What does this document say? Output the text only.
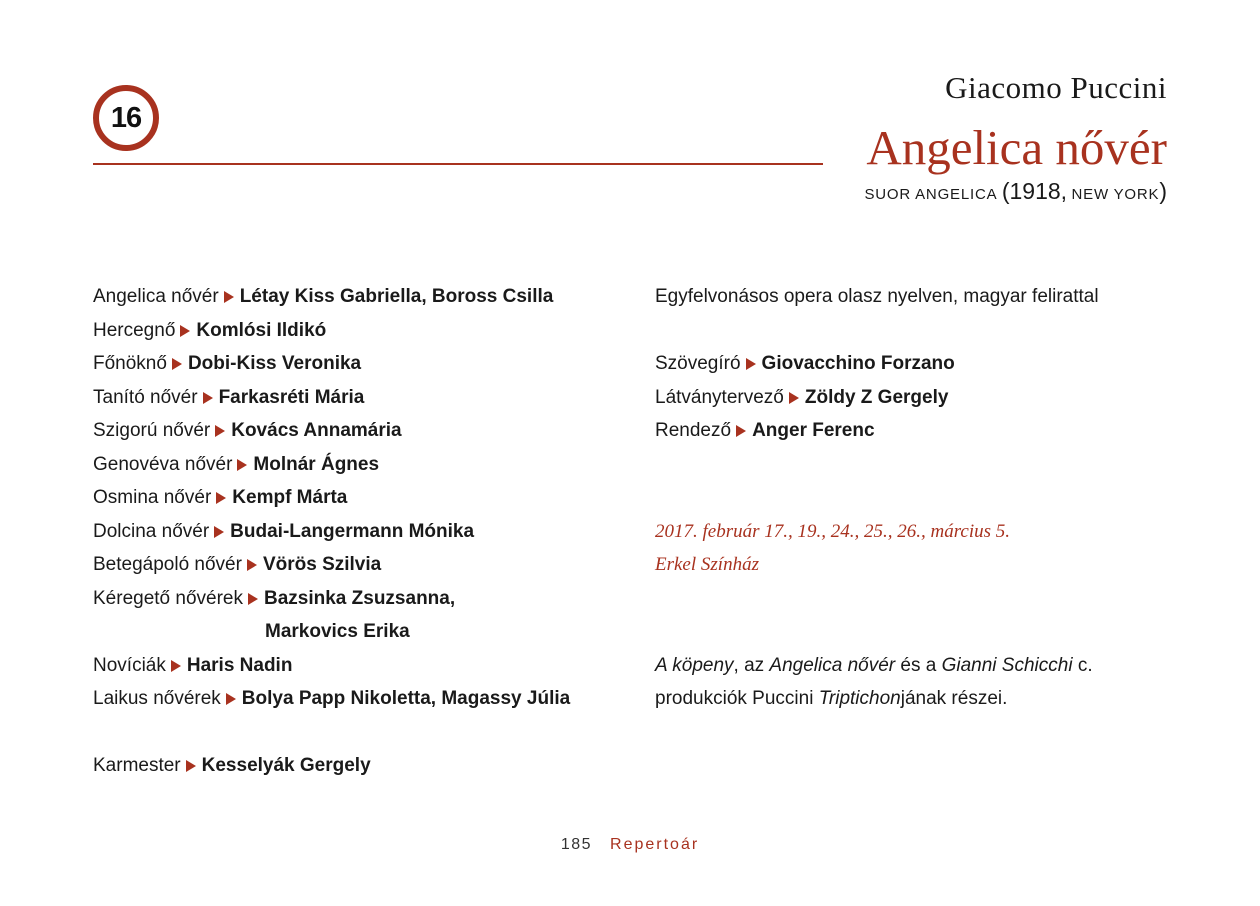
16
Giacomo Puccini
Angelica nővér
SUOR ANGELICA (1918, NEW YORK)
Angelica nővér Létay Kiss Gabriella, Boross Csilla
Hercegnő Komlósi Ildikó
Főnöknő Dobi-Kiss Veronika
Tanító nővér Farkasréti Mária
Szigorú nővér Kovács Annamária
Genovéva nővér Molnár Ágnes
Osmina nővér Kempf Márta
Dolcina nővér Budai-Langermann Mónika
Betegápoló nővér Vörös Szilvia
Kéregető nővérek Bazsinka Zsuzsanna,
Markovics Erika
Novíciák Haris Nadin
Laikus nővérek Bolya Papp Nikoletta, Magassy Júlia
Karmester Kesselyák Gergely
Egyfelvonásos opera olasz nyelven, magyar felirattal
Szövegíró Giovacchino Forzano
Látványtervező Zöldy Z Gergely
Rendező Anger Ferenc
2017. február 17., 19., 24., 25., 26., március 5.
Erkel Színház
A köpeny, az Angelica nővér és a Gianni Schicchi c.
produkciók Puccini Triptichonjának részei.
185 Repertoár
